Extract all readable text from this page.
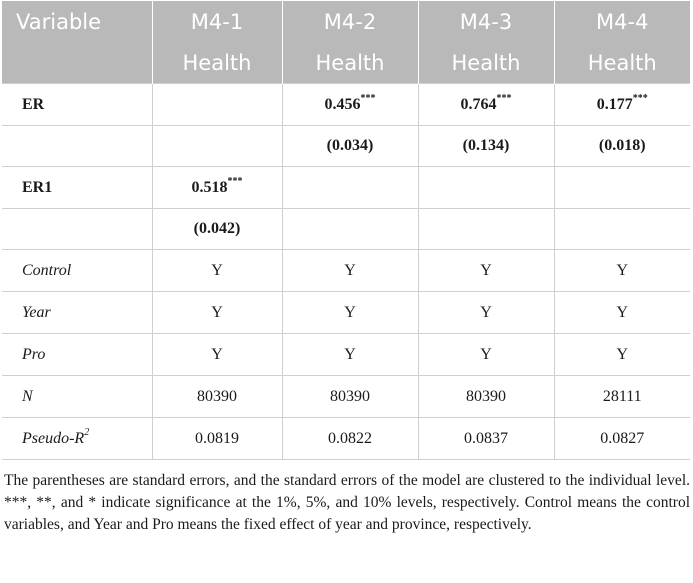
Variable	M4-1	M4-2	M4-3	M4-4
	Health	Health	Health	Health
ER		0.456***	0.764***	0.177***
		(0.034)	(0.134)	(0.018)
ER1	0.518***			
	(0.042)			
Control	Y	Y	Y	Y
Year	Y	Y	Y	Y
Pro	Y	Y	Y	Y
N	80390	80390	80390	28111
Pseudo-$R^2$	0.0819	0.0822	0.0837	0.0827

The parentheses are standard errors, and the standard errors of the model are clustered to the individual level. ***, **, and * indicate significance at the 1%, 5%, and 10% levels, respectively. Control means the control variables, and Year and Pro means the fixed effect of year and province, respectively.
